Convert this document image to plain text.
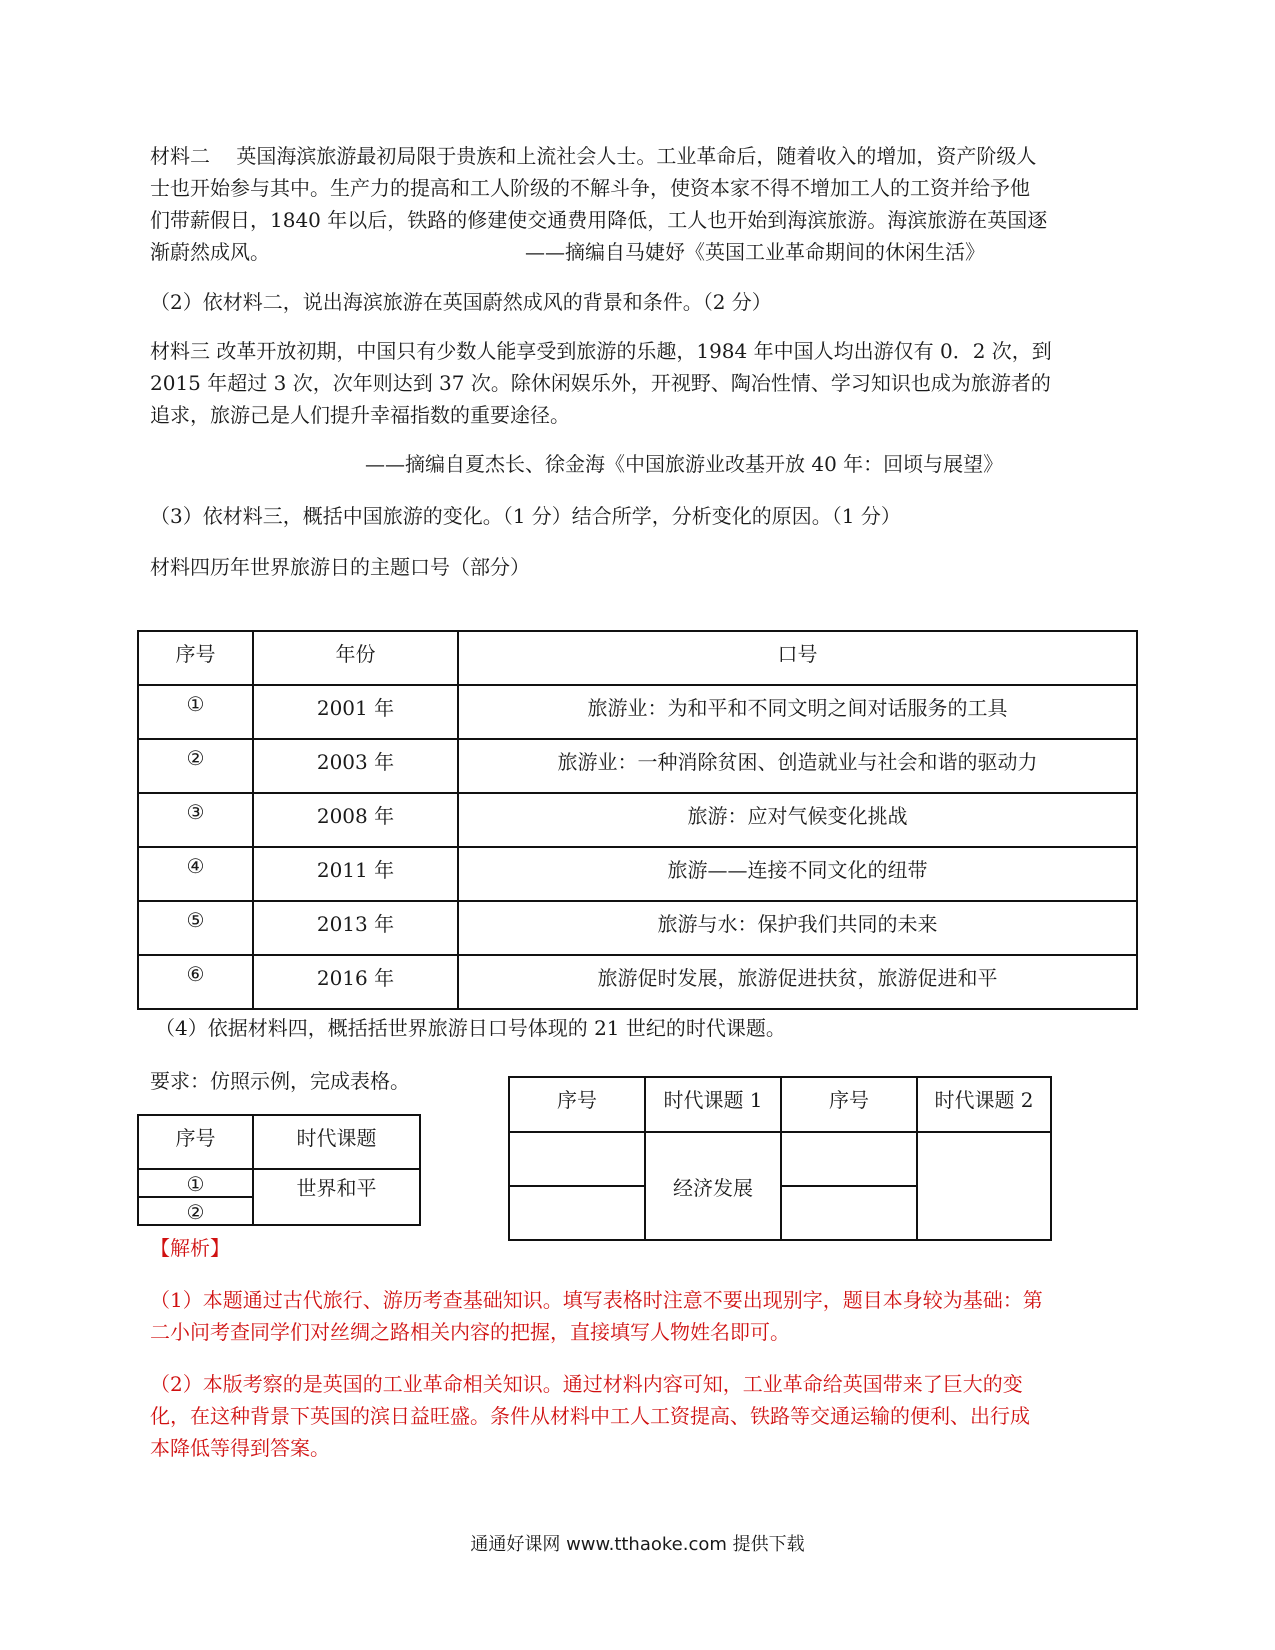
材料二　 英国海滨旅游最初局限于贵族和上流社会人士。工业革命后，随着收入的增加，资产阶级人
士也开始参与其中。生产力的提高和工人阶级的不解斗争，使资本家不得不增加工人的工资并给予他
们带薪假日，1840 年以后，铁路的修建使交通费用降低，工人也开始到海滨旅游。海滨旅游在英国逐
渐蔚然成风。	——摘编自马婕妤《英国工业革命期间的休闲生活》

（2）依材料二，说出海滨旅游在英国蔚然成风的背景和条件。（2 分）

材料三 改革开放初期，中国只有少数人能享受到旅游的乐趣，1984 年中国人均出游仅有 0．2 次，到
2015 年超过 3 次，次年则达到 37 次。除休闲娱乐外，开视野、陶冶性情、学习知识也成为旅游者的
追求，旅游己是人们提升幸福指数的重要途径。

——摘编自夏杰长、徐金海《中国旅游业改基开放 40 年：回顷与展望》

（3）依材料三，概括中国旅游的变化。（1 分）结合所学，分析变化的原因。（1 分）

材料四历年世界旅游日的主题口号（部分）

序号	年份	口号
①	2001 年	旅游业：为和平和不同文明之间对话服务的工具
②	2003 年	旅游业：一种消除贫困、创造就业与社会和谐的驱动力
③	2008 年	旅游：应对气候变化挑战
④	2011 年	旅游——连接不同文化的纽带
⑤	2013 年	旅游与水：保护我们共同的未来
⑥	2016 年	旅游促时发展，旅游促进扶贫，旅游促进和平

（4）依据材料四，概括括世界旅游日口号体现的 21 世纪的时代课题。

要求：仿照示例，完成表格。

序号	时代课题
①	世界和平
②	
序号	时代课题 1	序号	时代课题 2
	经济发展		

【解析】

（1）本题通过古代旅行、游历考查基础知识。填写表格时注意不要出现别字，题目本身较为基础：第
二小问考查同学们对丝绸之路相关内容的把握，直接填写人物姓名即可。
（2）本版考察的是英国的工业革命相关知识。通过材料内容可知，工业革命给英国带来了巨大的变
化，在这种背景下英国的滨日益旺盛。条件从材料中工人工资提高、铁路等交通运输的便利、出行成
本降低等得到答案。
通通好课网 www.tthaoke.com 提供下载
